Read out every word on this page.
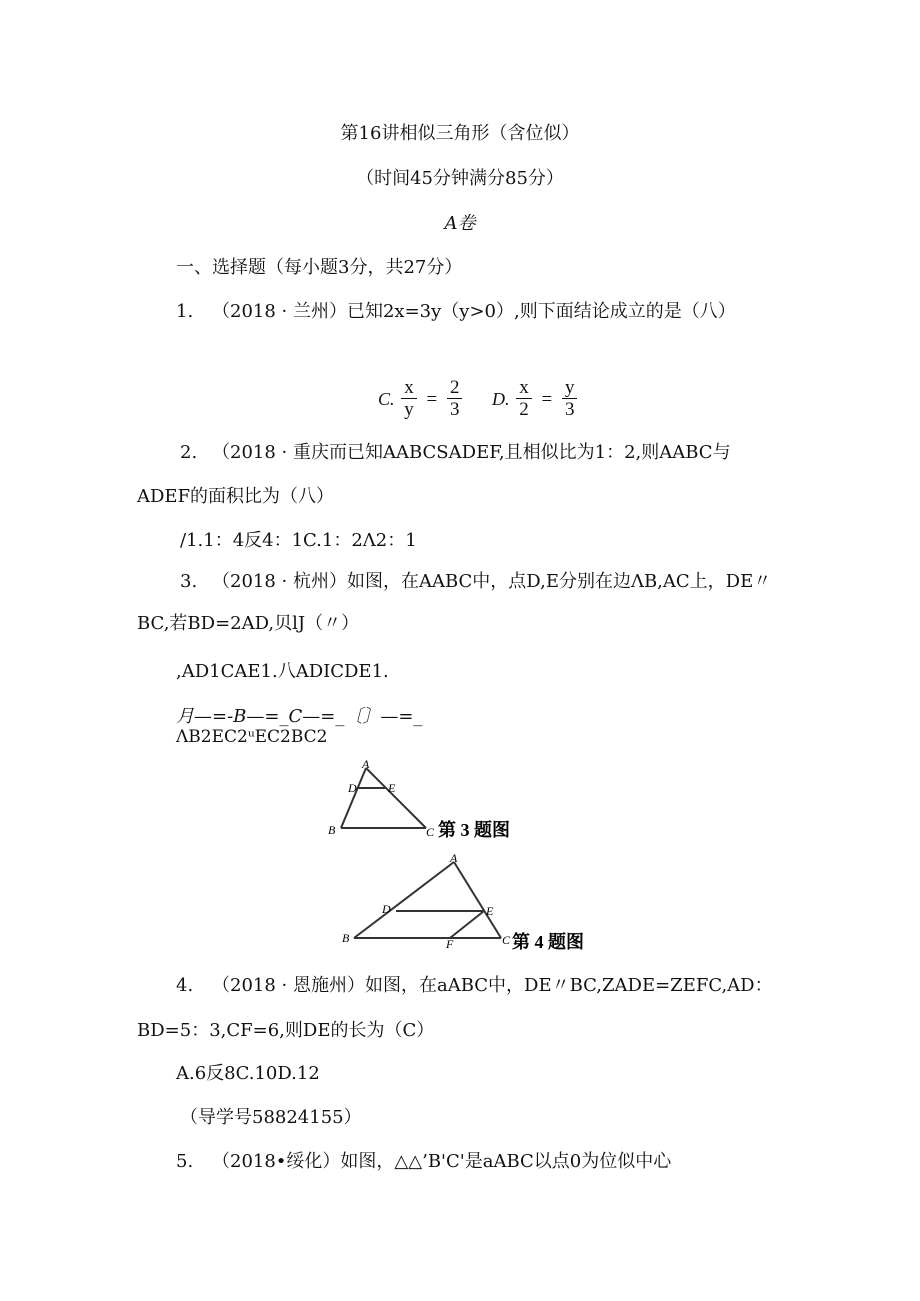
第16讲相似三角形（含位似）
（时间45分钟满分85分）
A卷
一、选择题（每小题3分，共27分）
1. （2018 · 兰州）已知2x=3y（y>0）,则下面结论成立的是（八）
C. $\frac{x}{y} = \frac{2}{3} D$. $\frac{x}{2} = \frac{y}{3}$
2. （2018 · 重庆而已知AABCSADEF,且相似比为1：2,则AABC与
ADEF的面积比为（八）
/1.1：4反4：1C.1：2Λ2：1
3. （2018 · 杭州）如图，在AABC中，点D,E分别在边ΛB,AC上，DE〃
BC,若BD=2AD,贝lJ（〃）
,AD1CAE1.八ADICDE1.
月—=-B—=_C—=_〔〕—=_
ΛB2EC2ᵘEC2BC2
A
D	E
B	C 第 3 题图
A
D	E
B	F	C 第 4 题图
4. （2018 · 恩施州）如图，在aABC中，DE〃BC,ZADE=ZEFC,AD：
BD=5：3,CF=6,则DE的长为（C）
A.6反8C.10D.12
（导学号58824155）
5. （2018•绥化）如图，△△’B'C'是aABC以点0为位似中心
